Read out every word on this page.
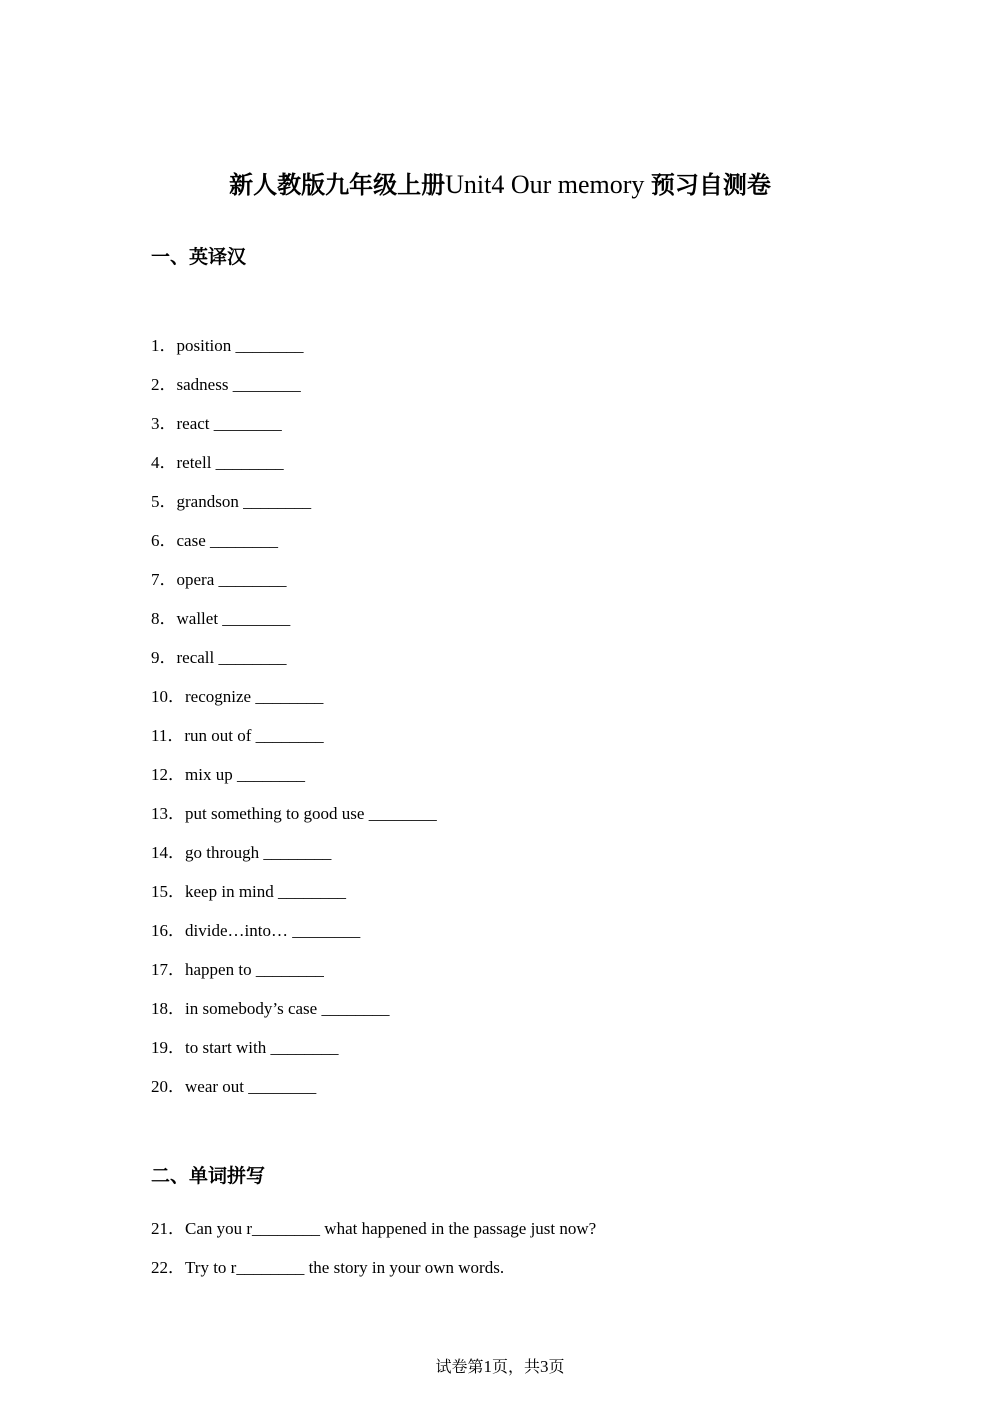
新人教版九年级上册Unit4 Our memory 预习自测卷
一、英译汉
1．position ________
2．sadness ________
3．react ________
4．retell ________
5．grandson ________
6．case ________
7．opera ________
8．wallet ________
9．recall ________
10．recognize ________
11．run out of ________
12．mix up ________
13．put something to good use ________
14．go through ________
15．keep in mind ________
16．divide…into… ________
17．happen to ________
18．in somebody’s case ________
19．to start with ________
20．wear out ________
二、单词拼写
21．Can you r________ what happened in the passage just now?
22．Try to r________ the story in your own words.
试卷第1页，共3页
